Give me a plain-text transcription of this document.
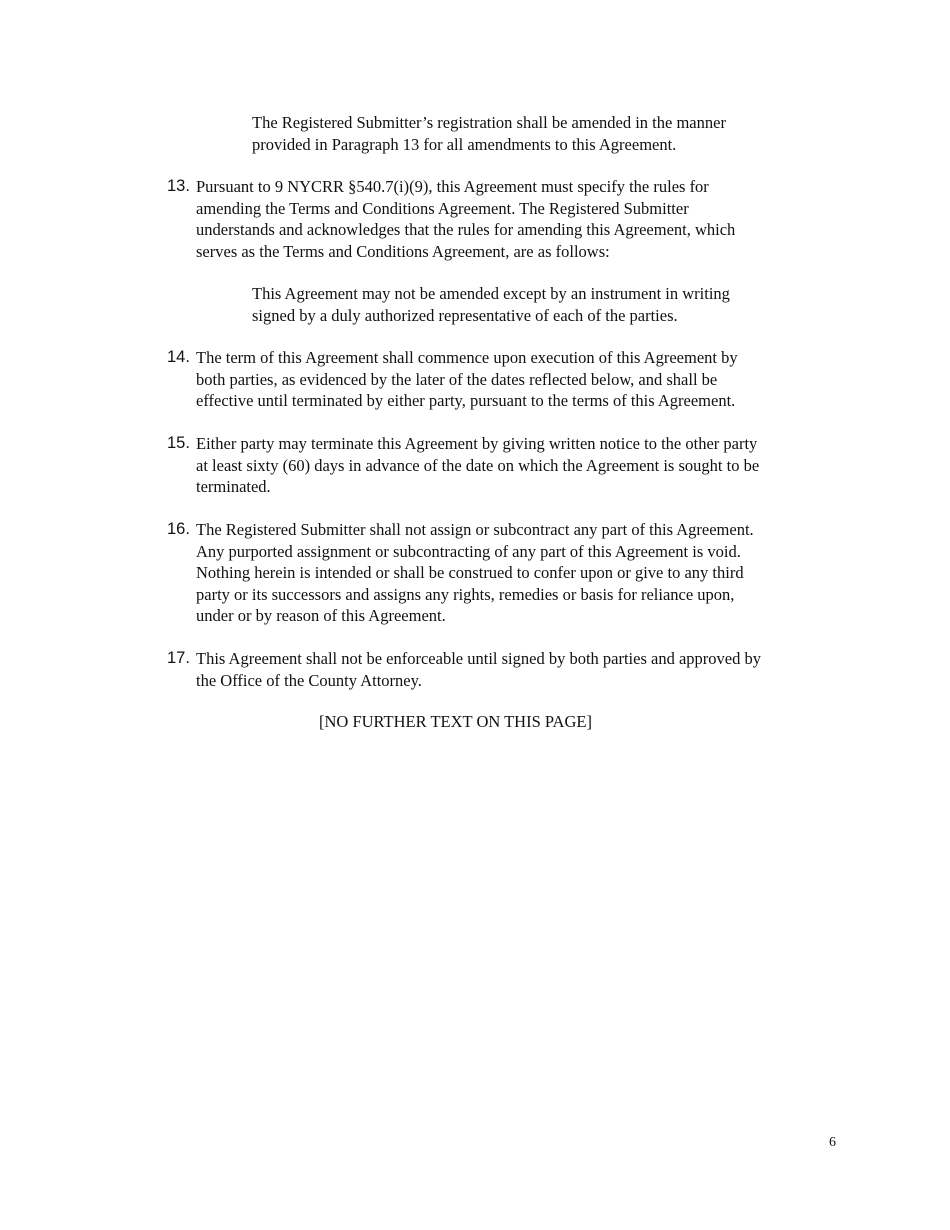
The Registered Submitter’s registration shall be amended in the manner
provided in Paragraph 13 for all amendments to this Agreement.
13. Pursuant to 9 NYCRR §540.7(i)(9), this Agreement must specify the rules for
amending the Terms and Conditions Agreement. The Registered Submitter
understands and acknowledges that the rules for amending this Agreement, which
serves as the Terms and Conditions Agreement, are as follows:
This Agreement may not be amended except by an instrument in writing
signed by a duly authorized representative of each of the parties.
14. The term of this Agreement shall commence upon execution of this Agreement by
both parties, as evidenced by the later of the dates reflected below, and shall be
effective until terminated by either party, pursuant to the terms of this Agreement.
15. Either party may terminate this Agreement by giving written notice to the other party
at least sixty (60) days in advance of the date on which the Agreement is sought to be
terminated.
16. The Registered Submitter shall not assign or subcontract any part of this Agreement.
Any purported assignment or subcontracting of any part of this Agreement is void.
Nothing herein is intended or shall be construed to confer upon or give to any third
party or its successors and assigns any rights, remedies or basis for reliance upon,
under or by reason of this Agreement.
17. This Agreement shall not be enforceable until signed by both parties and approved by
the Office of the County Attorney.
[NO FURTHER TEXT ON THIS PAGE]
6
